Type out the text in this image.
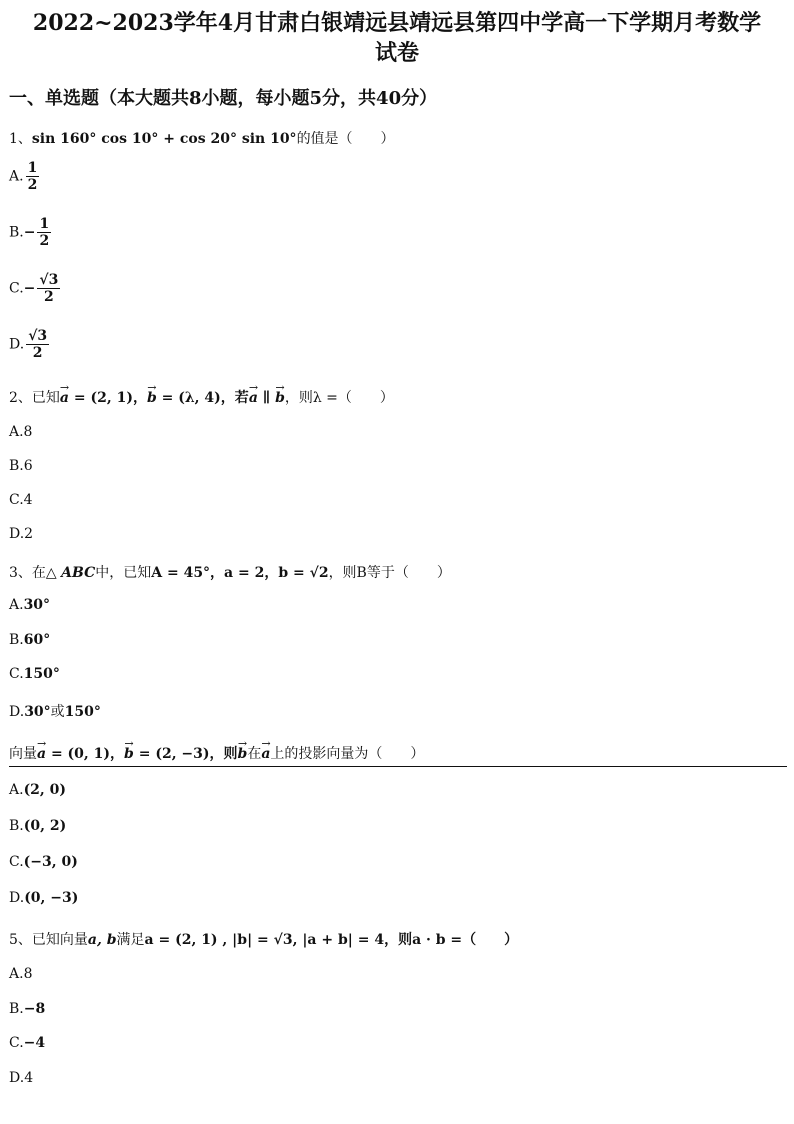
2022~2023学年4月甘肃白银靖远县靖远县第四中学高一下学期月考数学
试卷
一、单选题（本大题共8小题，每小题5分，共40分）
1、sin 160° cos 10° + cos 20° sin 10°的值是（　　）
A. $\frac{1}{2}$
$B.- \frac{1}{2}$
$C.- \frac{√3}{2}$
D. $\frac{√3}{2}$
2、已知→ a = (2, 1)，→ b = (λ, 4)，若→ a ∥ → b，则λ =（　　）
A.8
B.6
C.4
D.2
3、在△ ABC中，已知A = 45°，a = 2，b = √2，则B等于（　　）
A.30°
B.60°
C.150°
D.30°或150°
向量→ a = (0, 1)，→ b = (2, −3)，则→ b在→ a上的投影向量为（　　）
A.(2, 0)
B.(0, 2)
C.(−3, 0)
D.(0, −3)
5、已知向量a, b满足a = (2, 1) , |b| = √3, |a + b| = 4，则a · b =（　　）
A.8
B.−8
C.−4
D.4
